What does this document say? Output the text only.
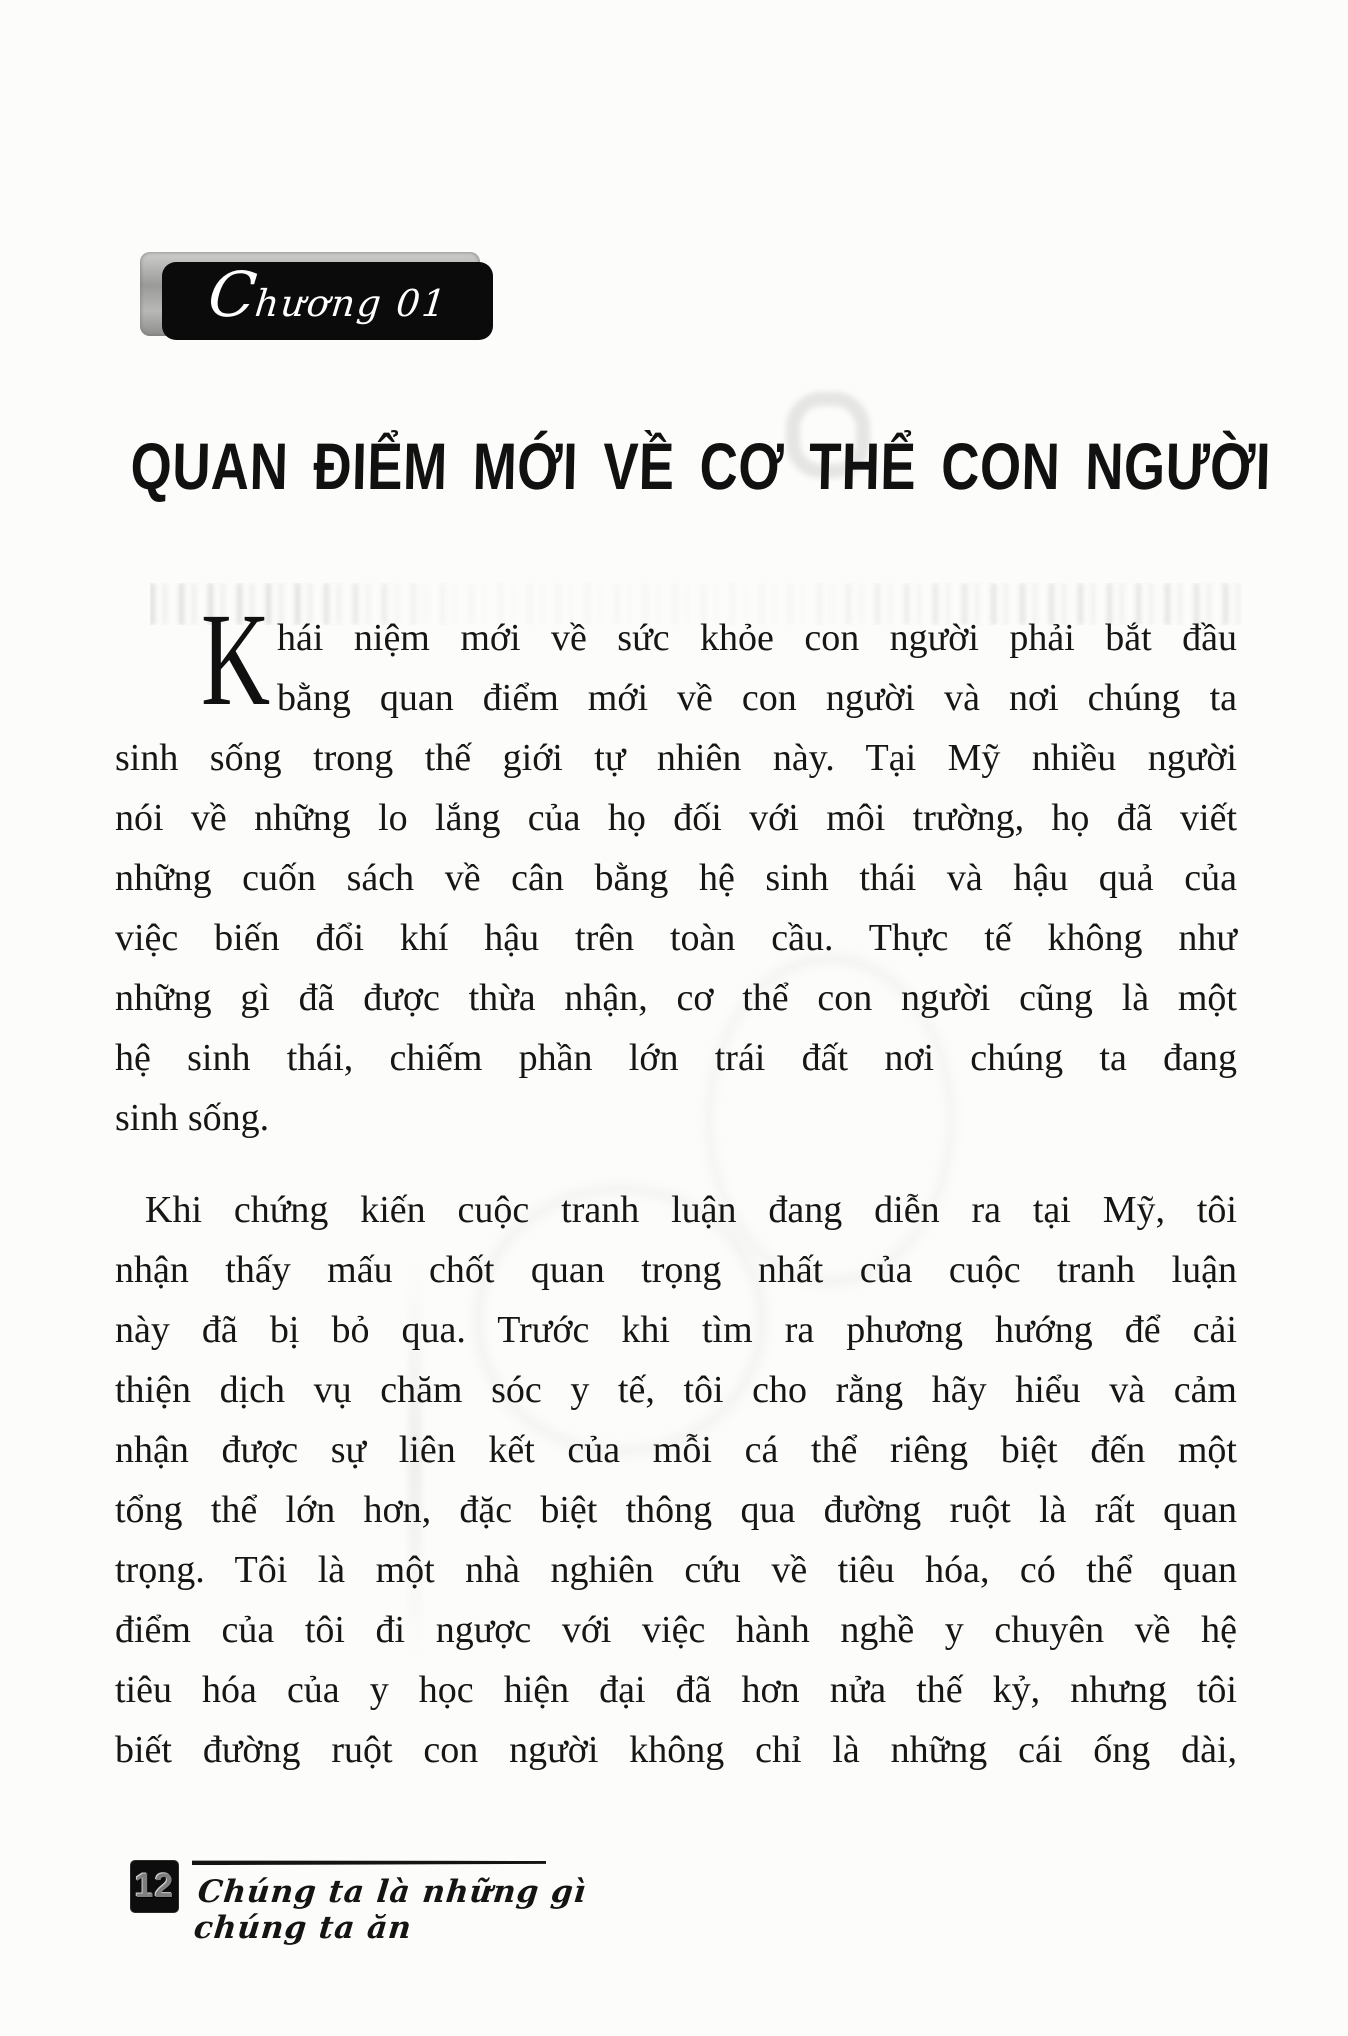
Chương 01
QUAN ĐIỂM MỚI VỀ CƠ THỂ CON NGƯỜI
K hái niệm mới về sức khỏe con người phải bắt đầu
bằng quan điểm mới về con người và nơi chúng ta
sinh sống trong thế giới tự nhiên này. Tại Mỹ nhiều người
nói về những lo lắng của họ đối với môi trường, họ đã viết
những cuốn sách về cân bằng hệ sinh thái và hậu quả của
việc biến đổi khí hậu trên toàn cầu. Thực tế không như
những gì đã được thừa nhận, cơ thể con người cũng là một
hệ sinh thái, chiếm phần lớn trái đất nơi chúng ta đang
sinh sống.
Khi chứng kiến cuộc tranh luận đang diễn ra tại Mỹ, tôi
nhận thấy mấu chốt quan trọng nhất của cuộc tranh luận
này đã bị bỏ qua. Trước khi tìm ra phương hướng để cải
thiện dịch vụ chăm sóc y tế, tôi cho rằng hãy hiểu và cảm
nhận được sự liên kết của mỗi cá thể riêng biệt đến một
tổng thể lớn hơn, đặc biệt thông qua đường ruột là rất quan
trọng. Tôi là một nhà nghiên cứu về tiêu hóa, có thể quan
điểm của tôi đi ngược với việc hành nghề y chuyên về hệ
tiêu hóa của y học hiện đại đã hơn nửa thế kỷ, nhưng tôi
biết đường ruột con người không chỉ là những cái ống dài,
12 Chúng ta là những gì chúng ta ăn
